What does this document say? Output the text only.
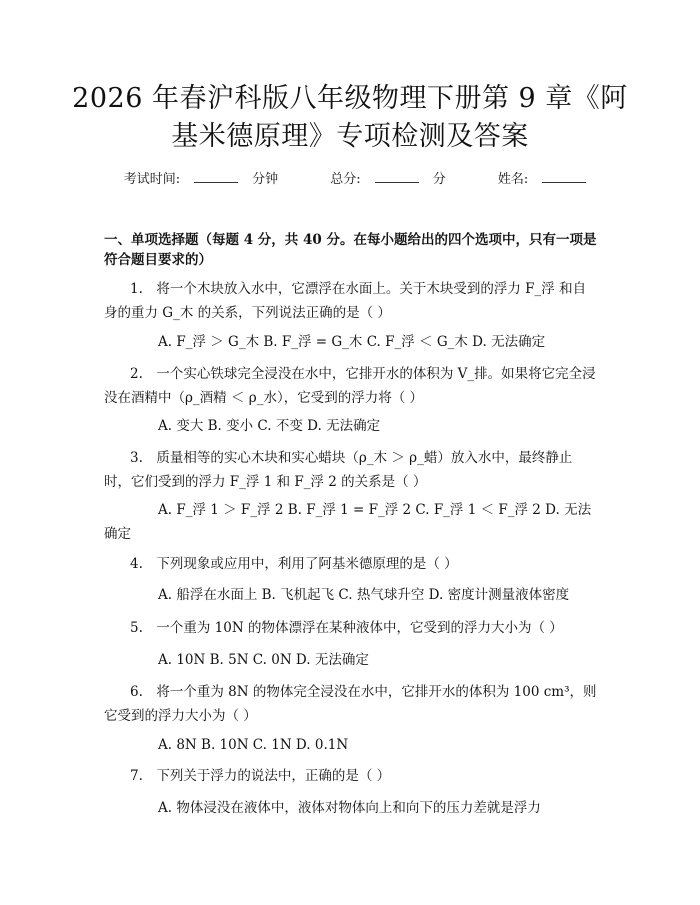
2026 年春沪科版八年级物理下册第 9 章《阿
基米德原理》专项检测及答案
考试时间:	分钟	总分:	分	姓名:
一、单项选择题（每题 4 分，共 40 分。在每小题给出的四个选项中，只有一项是符合题目要求的）
1.　将一个木块放入水中，它漂浮在水面上。关于木块受到的浮力 F_浮 和自身的重力 G_木 的关系，下列说法正确的是（ ）
A. F_浮 ＞ G_木 B. F_浮 = G_木 C. F_浮 ＜ G_木 D. 无法确定
2.　一个实心铁球完全浸没在水中，它排开水的体积为 V_排。如果将它完全浸没在酒精中（ρ_酒精 ＜ ρ_水），它受到的浮力将（ ）
A. 变大 B. 变小 C. 不变 D. 无法确定
3.　质量相等的实心木块和实心蜡块（ρ_木 ＞ ρ_蜡）放入水中，最终静止时，它们受到的浮力 F_浮 1 和 F_浮 2 的关系是（ ）
A. F_浮 1 ＞ F_浮 2 B. F_浮 1 = F_浮 2 C. F_浮 1 ＜ F_浮 2 D. 无法确定
4.　下列现象或应用中，利用了阿基米德原理的是（ ）
A. 船浮在水面上 B. 飞机起飞 C. 热气球升空 D. 密度计测量液体密度
5.　一个重为 10N 的物体漂浮在某种液体中，它受到的浮力大小为（ ）
A. 10N B. 5N C. 0N D. 无法确定
6.　将一个重为 8N 的物体完全浸没在水中，它排开水的体积为 100 cm³，则它受到的浮力大小为（ ）
A. 8N B. 10N C. 1N D. 0.1N
7.　下列关于浮力的说法中，正确的是（ ）
A. 物体浸没在液体中，液体对物体向上和向下的压力差就是浮力
